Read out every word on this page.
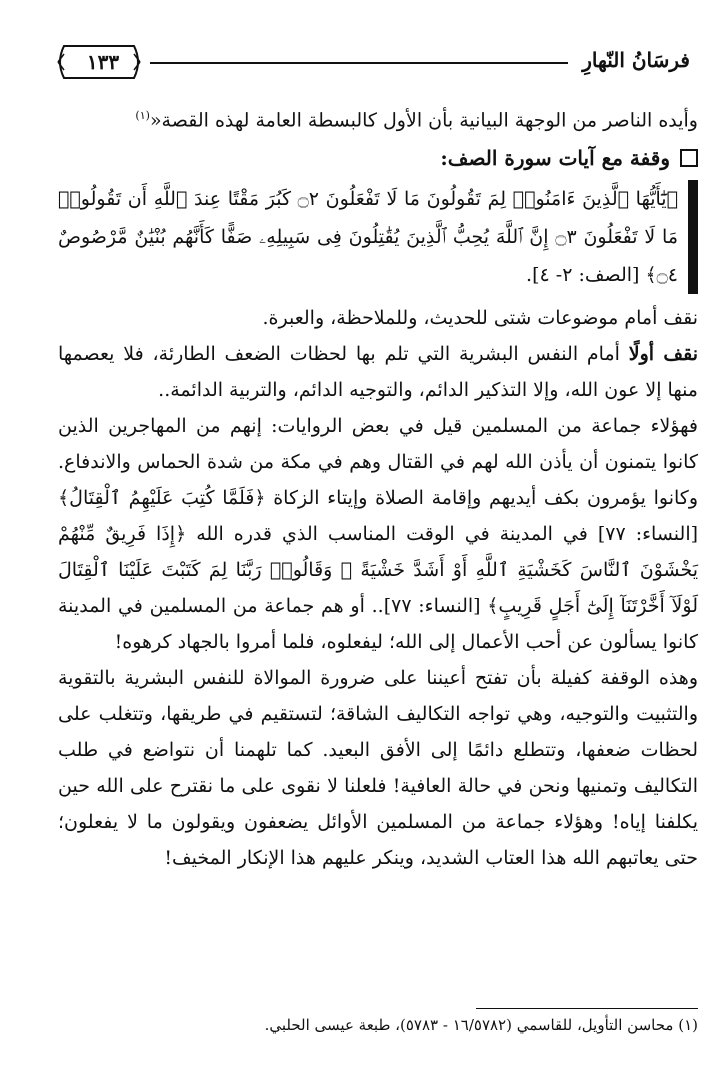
١٣٣	فرسَانُ النّهارِ

وأيده الناصر من الوجهة البيانية بأن الأول كالبسطة العامة لهذه القصة«$^{(١)}$

وقفة مع آيات سورة الصف:
﴿يَٰٓأَيُّهَا ٱلَّذِينَ ءَامَنُوا۟ لِمَ تَقُولُونَ مَا لَا تَفْعَلُونَ ۝٢ كَبُرَ مَقْتًا عِندَ ٱللَّهِ أَن تَقُولُوا۟ مَا لَا تَفْعَلُونَ ۝٣ إِنَّ ٱللَّهَ يُحِبُّ ٱلَّذِينَ يُقَٰتِلُونَ فِى سَبِيلِهِۦ صَفًّا كَأَنَّهُم بُنْيَٰنٌ مَّرْصُوصٌ ۝٤﴾ [الصف: ٢- ٤].

نقف أمام موضوعات شتى للحديث، وللملاحظة، والعبرة.

نقف أولًا أمام النفس البشرية التي تلم بها لحظات الضعف الطارئة، فلا يعصمها منها إلا عون الله، وإلا التذكير الدائم، والتوجيه الدائم، والتربية الدائمة..

فهؤلاء جماعة من المسلمين قيل في بعض الروايات: إنهم من المهاجرين الذين كانوا يتمنون أن يأذن الله لهم في القتال وهم في مكة من شدة الحماس والاندفاع. وكانوا يؤمرون بكف أيديهم وإقامة الصلاة وإيتاء الزكاة ﴿فَلَمَّا كُتِبَ عَلَيْهِمُ ٱلْقِتَالُ﴾ [النساء: ٧٧] في المدينة في الوقت المناسب الذي قدره الله ﴿إِذَا فَرِيقٌ مِّنْهُمْ يَخْشَوْنَ ٱلنَّاسَ كَخَشْيَةِ ٱللَّهِ أَوْ أَشَدَّ خَشْيَةً ۚ وَقَالُوا۟ رَبَّنَا لِمَ كَتَبْتَ عَلَيْنَا ٱلْقِتَالَ لَوْلَآ أَخَّرْتَنَآ إِلَىٰٓ أَجَلٍ قَرِيبٍ﴾ [النساء: ٧٧].. أو هم جماعة من المسلمين في المدينة كانوا يسألون عن أحب الأعمال إلى الله؛ ليفعلوه، فلما أمروا بالجهاد كرهوه!

وهذه الوقفة كفيلة بأن تفتح أعيننا على ضرورة الموالاة للنفس البشرية بالتقوية والتثبيت والتوجيه، وهي تواجه التكاليف الشاقة؛ لتستقيم في طريقها، وتتغلب على لحظات ضعفها، وتتطلع دائمًا إلى الأفق البعيد. كما تلهمنا أن نتواضع في طلب التكاليف وتمنيها ونحن في حالة العافية! فلعلنا لا نقوى على ما نقترح على الله حين يكلفنا إياه! وهؤلاء جماعة من المسلمين الأوائل يضعفون ويقولون ما لا يفعلون؛ حتى يعاتبهم الله هذا العتاب الشديد، وينكر عليهم هذا الإنكار المخيف!

(١) محاسن التأويل، للقاسمي (١٦/٥٧٨٢ - ٥٧٨٣)، طبعة عيسى الحلبي.
